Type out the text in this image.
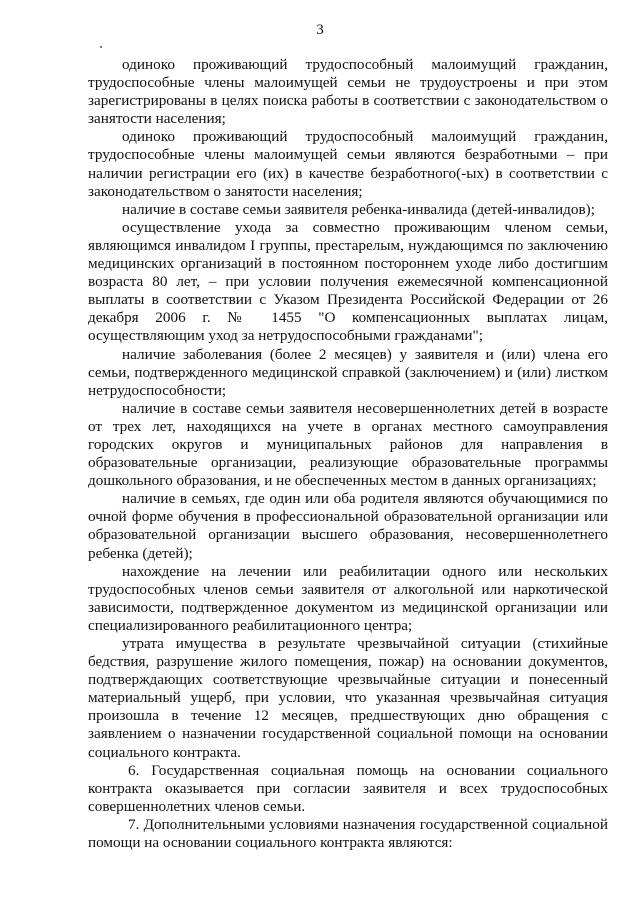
3

одиноко проживающий трудоспособный малоимущий гражданин, трудоспособные члены малоимущей семьи не трудоустроены и при этом зарегистрированы в целях поиска работы в соответствии с законодательством о занятости населения;

одиноко проживающий трудоспособный малоимущий гражданин, трудоспособные члены малоимущей семьи являются безработными – при наличии регистрации его (их) в качестве безработного(-ых) в соответствии с законодательством о занятости населения;

наличие в составе семьи заявителя ребенка-инвалида (детей-инвалидов);

осуществление ухода за совместно проживающим членом семьи, являющимся инвалидом I группы, престарелым, нуждающимся по заключению медицинских организаций в постоянном постороннем уходе либо достигшим возраста 80 лет, – при условии получения ежемесячной компенсационной выплаты в соответствии с Указом Президента Российской Федерации от 26 декабря 2006 г. № 1455 "О компенсационных выплатах лицам, осуществляющим уход за нетрудоспособными гражданами";

наличие заболевания (более 2 месяцев) у заявителя и (или) члена его семьи, подтвержденного медицинской справкой (заключением) и (или) листком нетрудоспособности;

наличие в составе семьи заявителя несовершеннолетних детей в возрасте от трех лет, находящихся на учете в органах местного самоуправления городских округов и муниципальных районов для направления в образовательные организации, реализующие образовательные программы дошкольного образования, и не обеспеченных местом в данных организациях;

наличие в семьях, где один или оба родителя являются обучающимися по очной форме обучения в профессиональной образовательной организации или образовательной организации высшего образования, несовершеннолетнего ребенка (детей);

нахождение на лечении или реабилитации одного или нескольких трудоспособных членов семьи заявителя от алкогольной или наркотической зависимости, подтвержденное документом из медицинской организации или специализированного реабилитационного центра;

утрата имущества в результате чрезвычайной ситуации (стихийные бедствия, разрушение жилого помещения, пожар) на основании документов, подтверждающих соответствующие чрезвычайные ситуации и понесенный материальный ущерб, при условии, что указанная чрезвычайная ситуация произошла в течение 12 месяцев, предшествующих дню обращения с заявлением о назначении государственной социальной помощи на основании социального контракта.

6. Государственная социальная помощь на основании социального контракта оказывается при согласии заявителя и всех трудоспособных совершеннолетних членов семьи.

7. Дополнительными условиями назначения государственной социальной помощи на основании социального контракта являются:
